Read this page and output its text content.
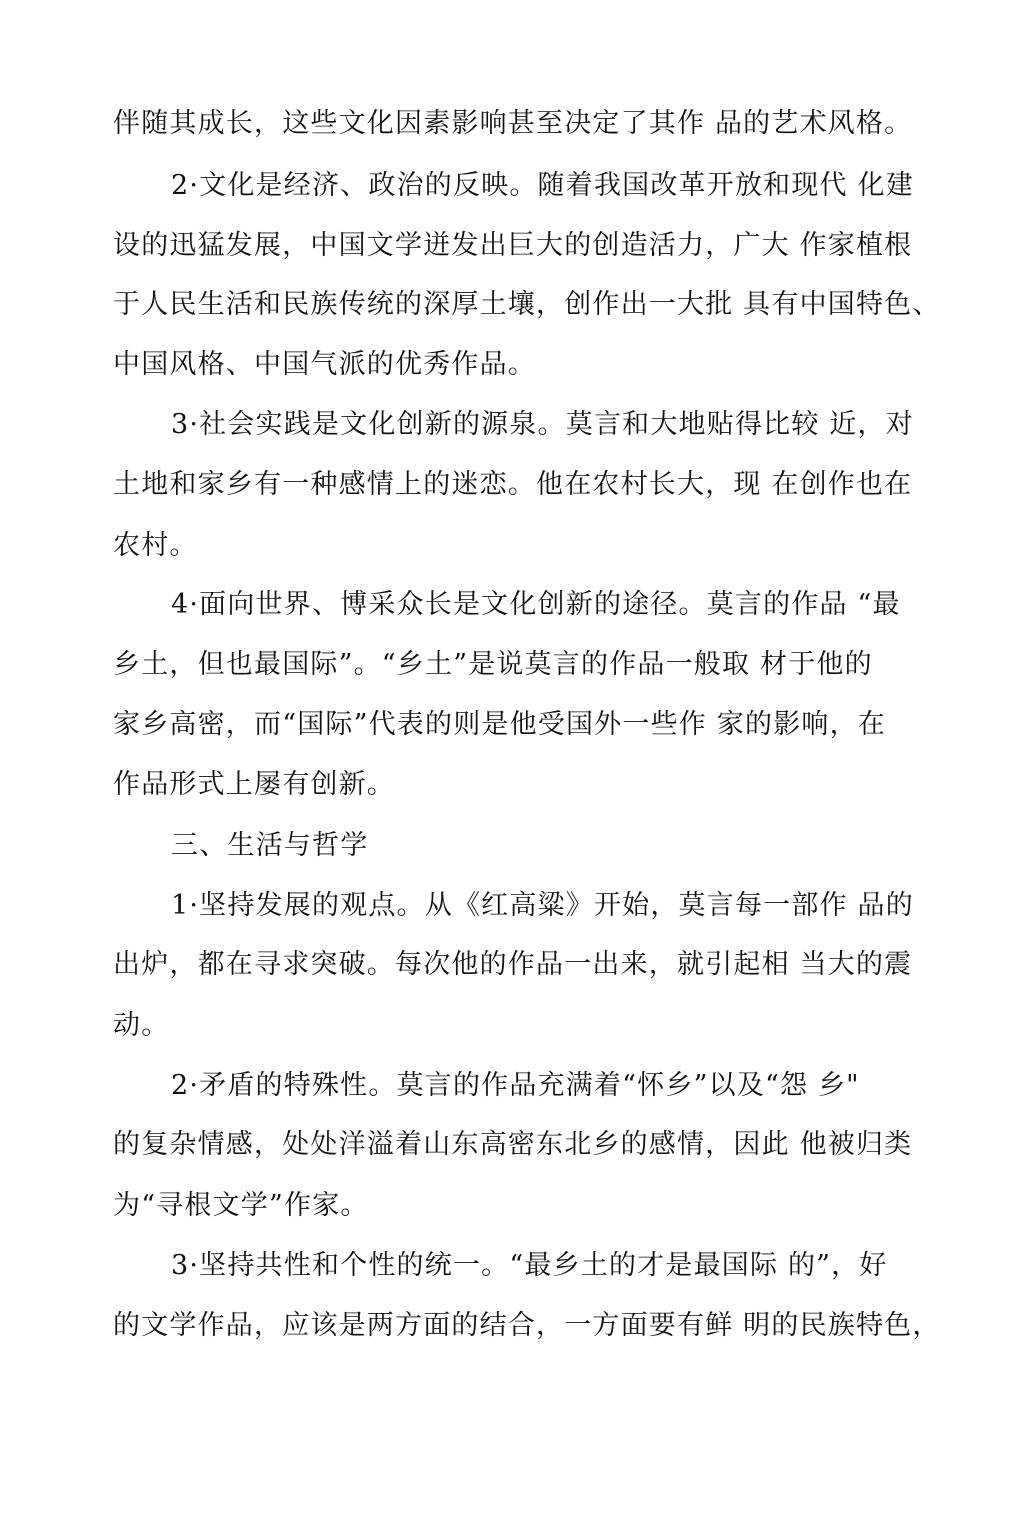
伴随其成长，这些文化因素影响甚至决定了其作 品的艺术风格。
2·文化是经济、政治的反映。随着我国改革开放和现代 化建
设的迅猛发展，中国文学迸发出巨大的创造活力，广大 作家植根
于人民生活和民族传统的深厚土壤，创作出一大批 具有中国特色、
中国风格、中国气派的优秀作品。
3·社会实践是文化创新的源泉。莫言和大地贴得比较 近，对
土地和家乡有一种感情上的迷恋。他在农村长大，现 在创作也在
农村。
4·面向世界、博采众长是文化创新的途径。莫言的作品 “最
乡土，但也最国际”。“乡土”是说莫言的作品一般取 材于他的
家乡高密，而“国际”代表的则是他受国外一些作 家的影响，在
作品形式上屡有创新。
三、生活与哲学
1·坚持发展的观点。从《红高粱》开始，莫言每一部作 品的
出炉，都在寻求突破。每次他的作品一出来，就引起相 当大的震
动。
2·矛盾的特殊性。莫言的作品充满着“怀乡”以及“怨 乡"
的复杂情感，处处洋溢着山东高密东北乡的感情，因此 他被归类
为“寻根文学”作家。
3·坚持共性和个性的统一。“最乡土的才是最国际 的”，好
的文学作品，应该是两方面的结合，一方面要有鲜 明的民族特色，
